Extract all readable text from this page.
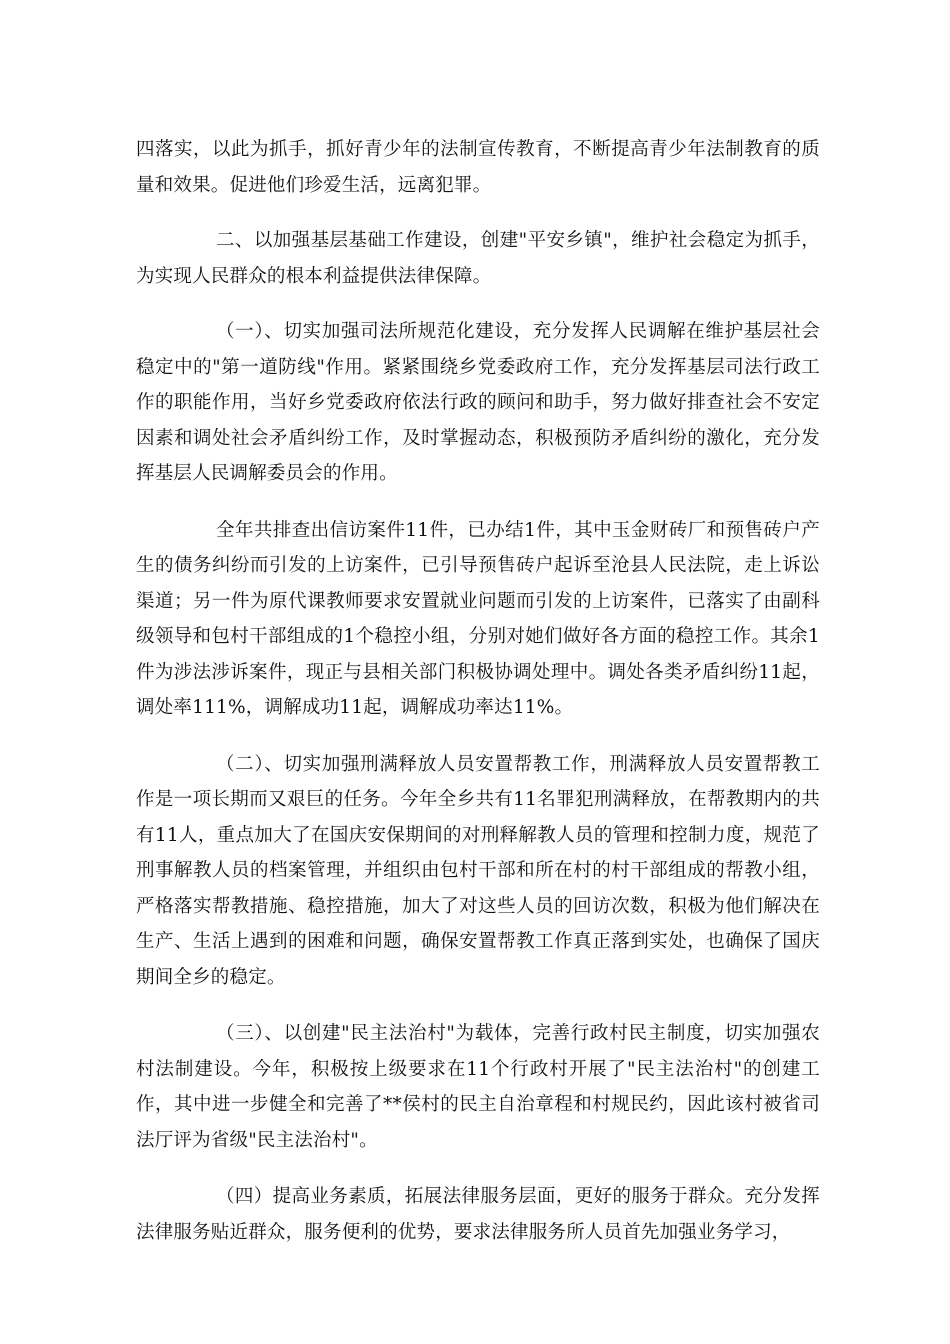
四落实，以此为抓手，抓好青少年的法制宣传教育，不断提高青少年法制教育的质量和效果。促进他们珍爱生活，远离犯罪。

二、以加强基层基础工作建设，创建"平安乡镇"，维护社会稳定为抓手，为实现人民群众的根本利益提供法律保障。

（一）、切实加强司法所规范化建设，充分发挥人民调解在维护基层社会稳定中的"第一道防线"作用。紧紧围绕乡党委政府工作，充分发挥基层司法行政工作的职能作用，当好乡党委政府依法行政的顾问和助手，努力做好排查社会不安定因素和调处社会矛盾纠纷工作，及时掌握动态，积极预防矛盾纠纷的激化，充分发挥基层人民调解委员会的作用。

全年共排查出信访案件11件，已办结1件，其中玉金财砖厂和预售砖户产生的债务纠纷而引发的上访案件，已引导预售砖户起诉至沧县人民法院，走上诉讼渠道；另一件为原代课教师要求安置就业问题而引发的上访案件，已落实了由副科级领导和包村干部组成的1个稳控小组，分别对她们做好各方面的稳控工作。其余1件为涉法涉诉案件，现正与县相关部门积极协调处理中。调处各类矛盾纠纷11起，调处率111%，调解成功11起，调解成功率达11%。

（二）、切实加强刑满释放人员安置帮教工作，刑满释放人员安置帮教工作是一项长期而又艰巨的任务。今年全乡共有11名罪犯刑满释放，在帮教期内的共有11人，重点加大了在国庆安保期间的对刑释解教人员的管理和控制力度，规范了刑事解教人员的档案管理，并组织由包村干部和所在村的村干部组成的帮教小组，严格落实帮教措施、稳控措施，加大了对这些人员的回访次数，积极为他们解决在生产、生活上遇到的困难和问题，确保安置帮教工作真正落到实处，也确保了国庆期间全乡的稳定。

（三）、以创建"民主法治村"为载体，完善行政村民主制度，切实加强农村法制建设。今年，积极按上级要求在11个行政村开展了"民主法治村"的创建工作，其中进一步健全和完善了**侯村的民主自治章程和村规民约，因此该村被省司法厅评为省级"民主法治村"。

（四）提高业务素质，拓展法律服务层面，更好的服务于群众。充分发挥法律服务贴近群众，服务便利的优势，要求法律服务所人员首先加强业务学习，
